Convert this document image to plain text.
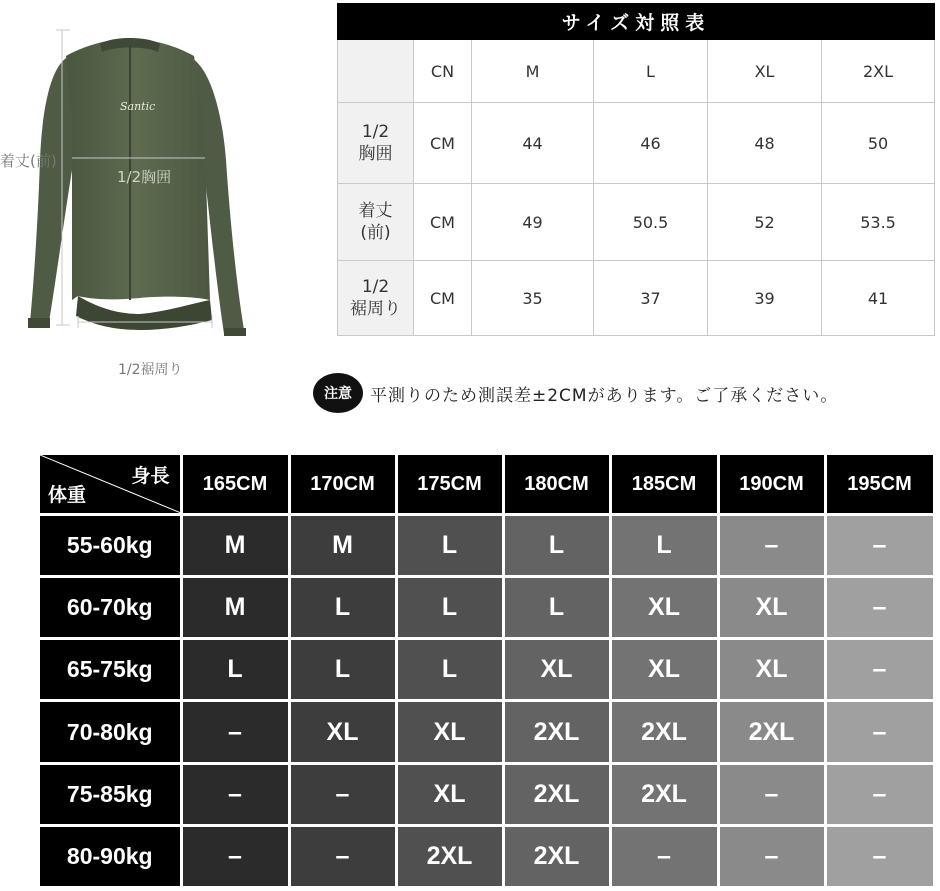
Santic
着丈(前)
1/2胸囲
1/2裾周り
サイズ対照表					
	CN	M	L	XL	2XL
1/2
胸囲	CM	44	46	48	50
着丈
(前)	CM	49	50.5	52	53.5
1/2
裾周り	CM	35	37	39	41
注意	平測りのため測誤差±2CMがあります。ご了承ください。
身長
体重	165CM	170CM	175CM	180CM	185CM	190CM	195CM
55-60kg	M	M	L	L	L	–	–
60-70kg	M	L	L	L	XL	XL	–
65-75kg	L	L	L	XL	XL	XL	–
70-80kg	–	XL	XL	2XL	2XL	2XL	–
75-85kg	–	–	XL	2XL	2XL	–	–
80-90kg	–	–	2XL	2XL	–	–	–
